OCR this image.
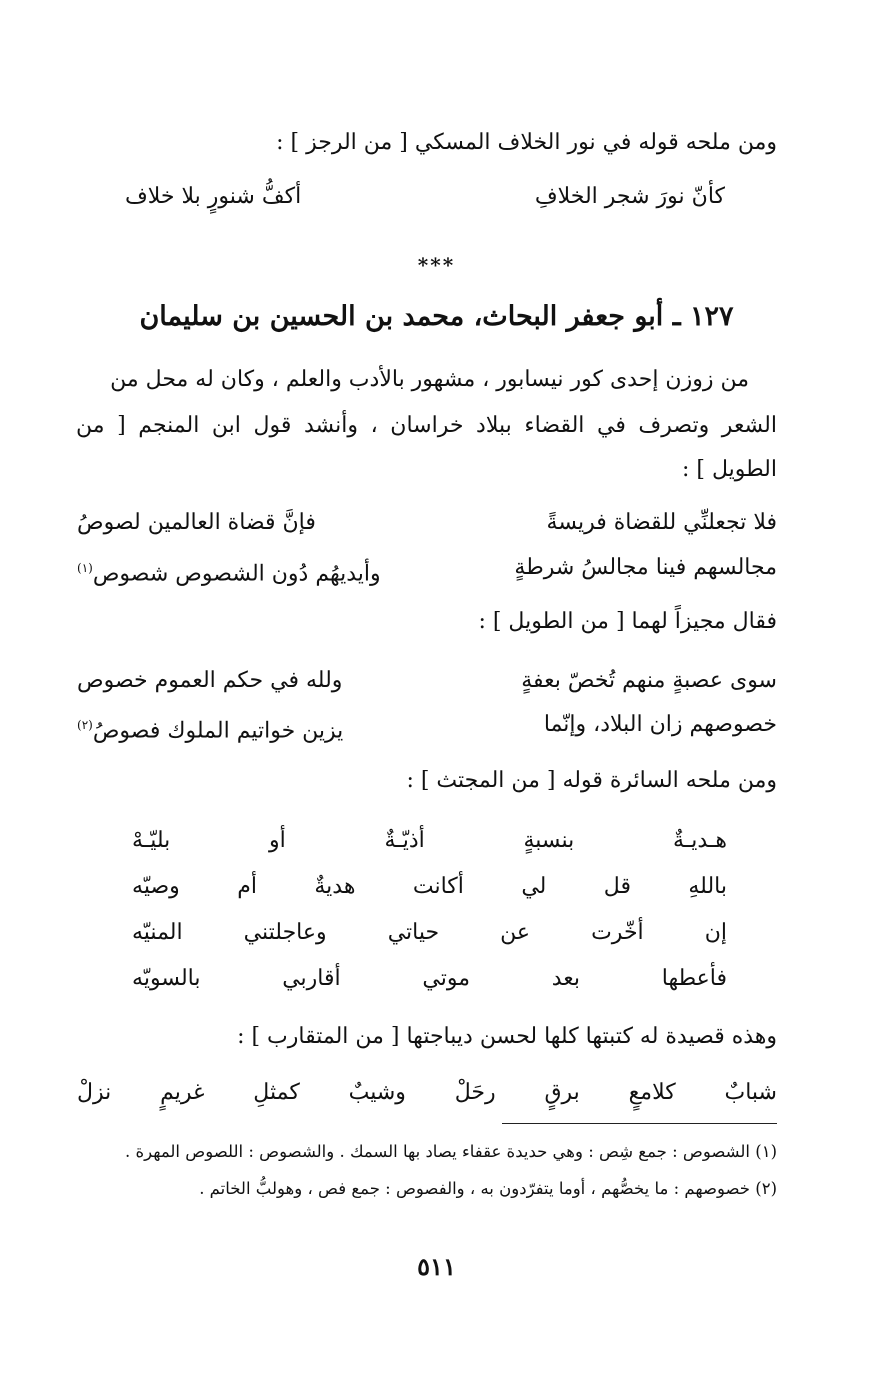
ومن ملحه قوله في نور الخلاف المسكي [ من الرجز ] :
كأنّ نورَ شجر الخلافِ
أكفُّ شنورٍ بلا خلاف
***
١٢٧ ـ أبو جعفر البحاث، محمد بن الحسين بن سليمان
من زوزن إحدى كور نيسابور ، مشهور بالأدب والعلم ، وكان له محل من
الشعر وتصرف في القضاء ببلاد خراسان ، وأنشد قول ابن المنجم [ من
الطويل ] :
فلا تجعلنِّي للقضاة فريسةً
فإنَّ قضاة العالمين لصوصُ
مجالسهم فينا مجالسُ شرطةٍ
وأيديهُم دُون الشصوص شصوص$^{(١)}$
فقال مجيزاً لهما [ من الطويل ] :
سوى عصبةٍ منهم تُخصّ بعفةٍ
ولله في حكم العموم خصوص
خصوصهم زان البلاد، وإنّما
يزين خواتيم الملوك فصوصُ$^{(٢)}$
ومن ملحه السائرة قوله [ من المجتث ] :
هـديـةٌ
بنسبةٍ
أذيّـةٌ
أو
بليّـهْ
باللهِ
قل
لي
أكانت
هديةٌ
أم
وصيّه
إن
أخّرت
عن
حياتي
وعاجلتني
المنيّه
فأعطها
بعد
موتي
أقاربي
بالسويّه
وهذه قصيدة له كتبتها كلها لحسن ديباجتها [ من المتقارب ] :
شبابٌ
كلامعٍ
برقٍ
رحَلْ
وشيبٌ
كمثلِ
غريمٍ
نزلْ
(١) الشصوص : جمع شِص : وهي حديدة عقفاء يصاد بها السمك . والشصوص : اللصوص المهرة .
(٢) خصوصهم : ما يخصُّهم ، أوما يتفرّدون به ، والفصوص : جمع فص ، وهولبُّ الخاتم .
٥١١
